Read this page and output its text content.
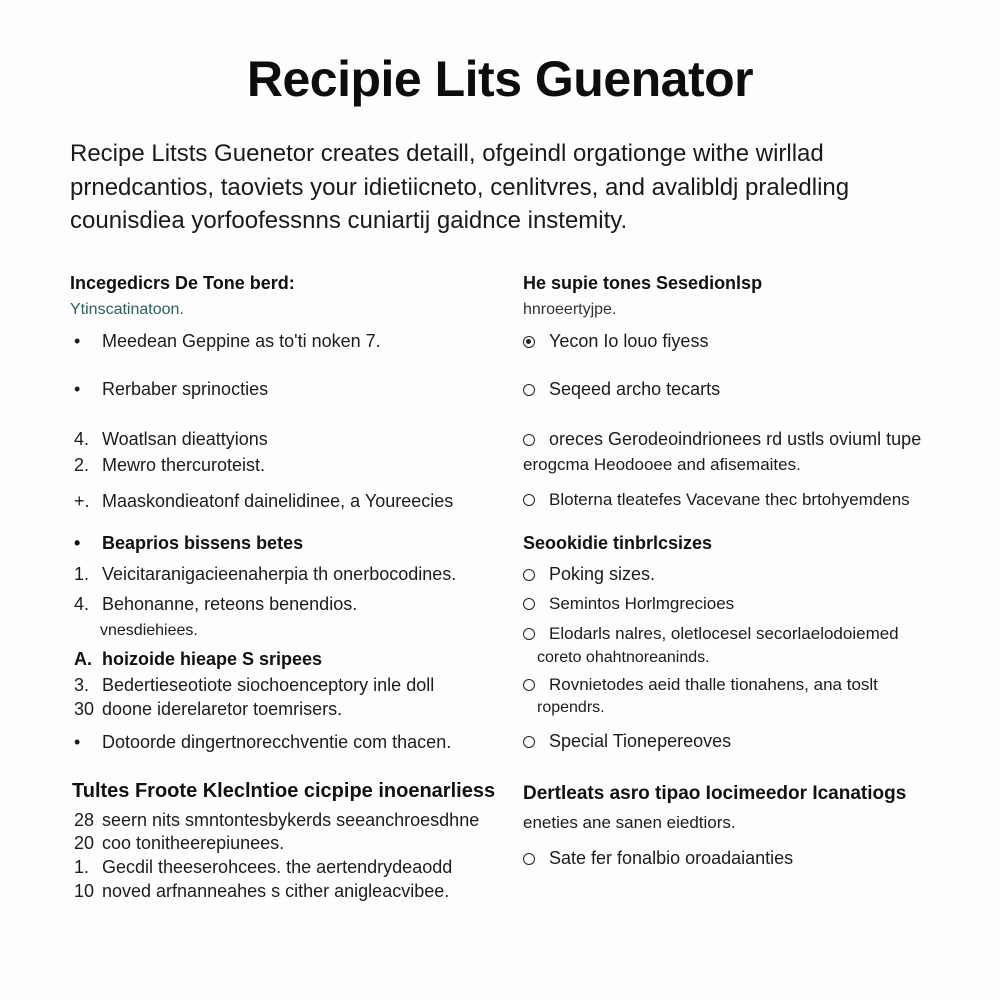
Recipie Lits Guenator
Recipe Litsts Guenetor creates detaill, ofgeindl orgationge withe wirllad
prnedcantios, taoviets your idietiicneto, cenlitvres, and avalibldj praledling
counisdiea yorfoofessnns cuniartij gaidnce instemity.
Incegedicrs De Tone berd:
Ytinscatinatoon.
• Meedean Geppine as to'ti noken 7.
• Rerbaber sprinocties
4. Woatlsan dieattyions
2. Mewro thercuroteist.
+. Maaskondieatonf dainelidinee, a Youreecies
• Beaprios bissens betes
1. Veicitaranigacieenaherpia th onerbocodines.
4. Behonanne, reteons benendios.
vnesdiehiees.
A. hoizoide hieape S sripees
3. Bedertieseotiote siochoenceptory inle doll
30 doone iderelaretor toemrisers.
• Dotoorde dingertnorecchventie com thacen.
Tultes Froote Kleclntioe cicpipe inoenarliess
28 seern nits smntontesbykerds seeanchroesdhne
20 coo tonitheerepiunees.
1. Gecdil theeserohcees. the aertendrydeaodd
10 noved arfnanneahes s cither anigleacvibee.
He supie tones Sesedionlsp
hnroeertyjpe.
Yecon Io louo fiyess
Seqeed archo tecarts
oreces Gerodeoindrionees rd ustls oviuml tupe
erogcma Heodooee and afisemaites.
Bloterna tleatefes Vacevane thec brtohyemdens
Seookidie tinbrlcsizes
Poking sizes.
Semintos Horlmgrecioes
Elodarls nalres, oletlocesel secorlaelodoiemed
coreto ohahtnoreaninds.
Rovnietodes aeid thalle tionahens, ana toslt
ropendrs.
Special Tionepereoves
Dertleats asro tipao Iocimeedor Icanatiogs
eneties ane sanen eiedtiors.
Sate fer fonalbio oroadaianties
